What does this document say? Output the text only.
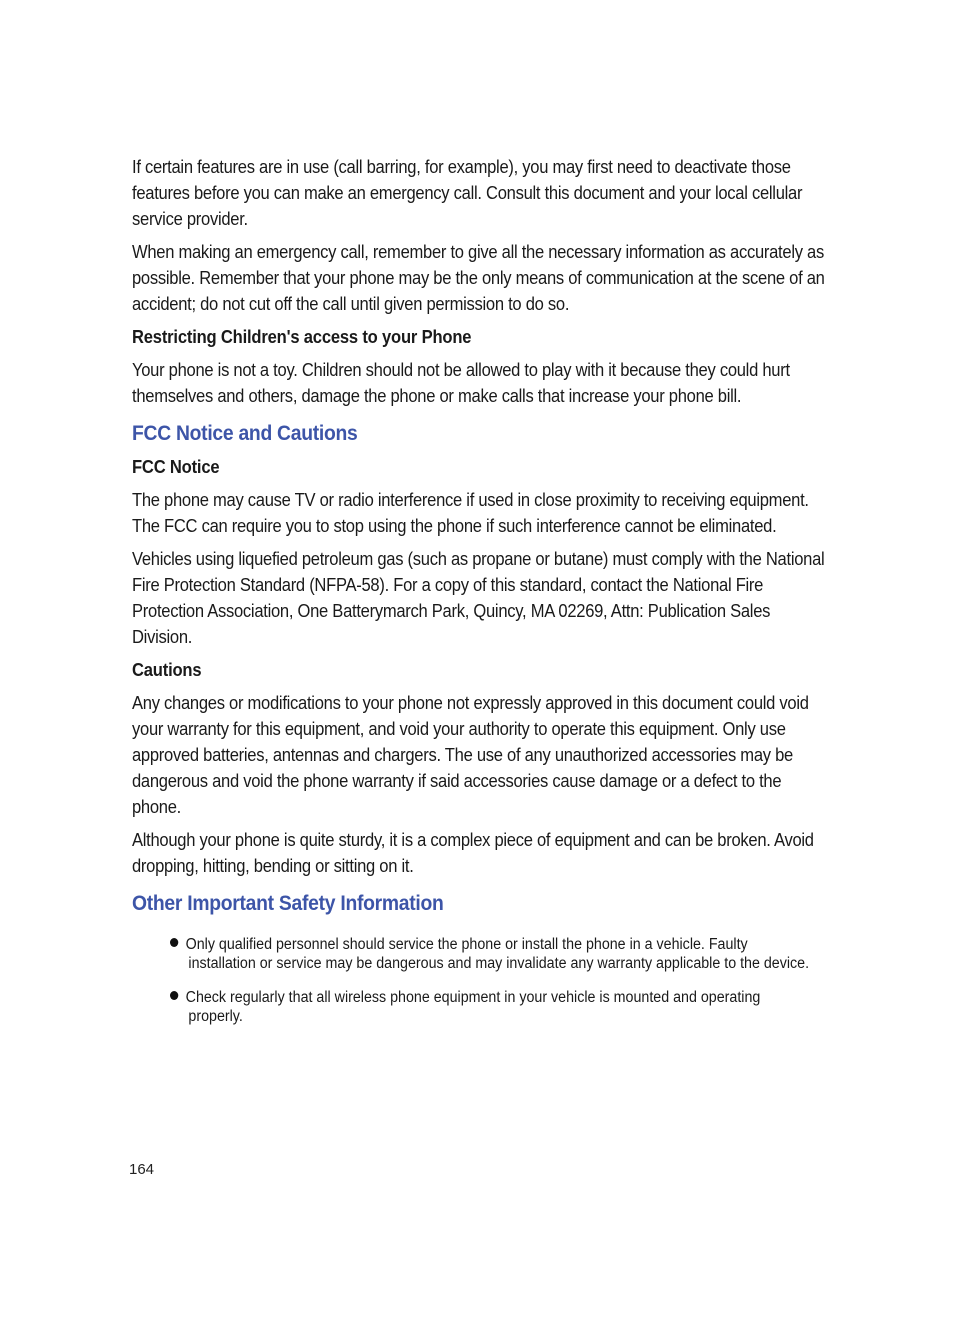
If certain features are in use (call barring, for example), you may first need to deactivate those features before you can make an emergency call. Consult this document and your local cellular service provider.

When making an emergency call, remember to give all the necessary information as accurately as possible. Remember that your phone may be the only means of communication at the scene of an accident; do not cut off the call until given permission to do so.

Restricting Children's access to your Phone

Your phone is not a toy. Children should not be allowed to play with it because they could hurt themselves and others, damage the phone or make calls that increase your phone bill.

FCC Notice and Cautions
FCC Notice

The phone may cause TV or radio interference if used in close proximity to receiving equipment. The FCC can require you to stop using the phone if such interference cannot be eliminated.

Vehicles using liquefied petroleum gas (such as propane or butane) must comply with the National Fire Protection Standard (NFPA-58). For a copy of this standard, contact the National Fire Protection Association, One Batterymarch Park, Quincy, MA 02269, Attn: Publication Sales Division.

Cautions

Any changes or modifications to your phone not expressly approved in this document could void your warranty for this equipment, and void your authority to operate this equipment. Only use approved batteries, antennas and chargers. The use of any unauthorized accessories may be dangerous and void the phone warranty if said accessories cause damage or a defect to the phone.

Although your phone is quite sturdy, it is a complex piece of equipment and can be broken. Avoid dropping, hitting, bending or sitting on it.

Other Important Safety Information
Only qualified personnel should service the phone or install the phone in a vehicle. Faulty installation or service may be dangerous and may invalidate any warranty applicable to the device.
Check regularly that all wireless phone equipment in your vehicle is mounted and operating properly.
164
